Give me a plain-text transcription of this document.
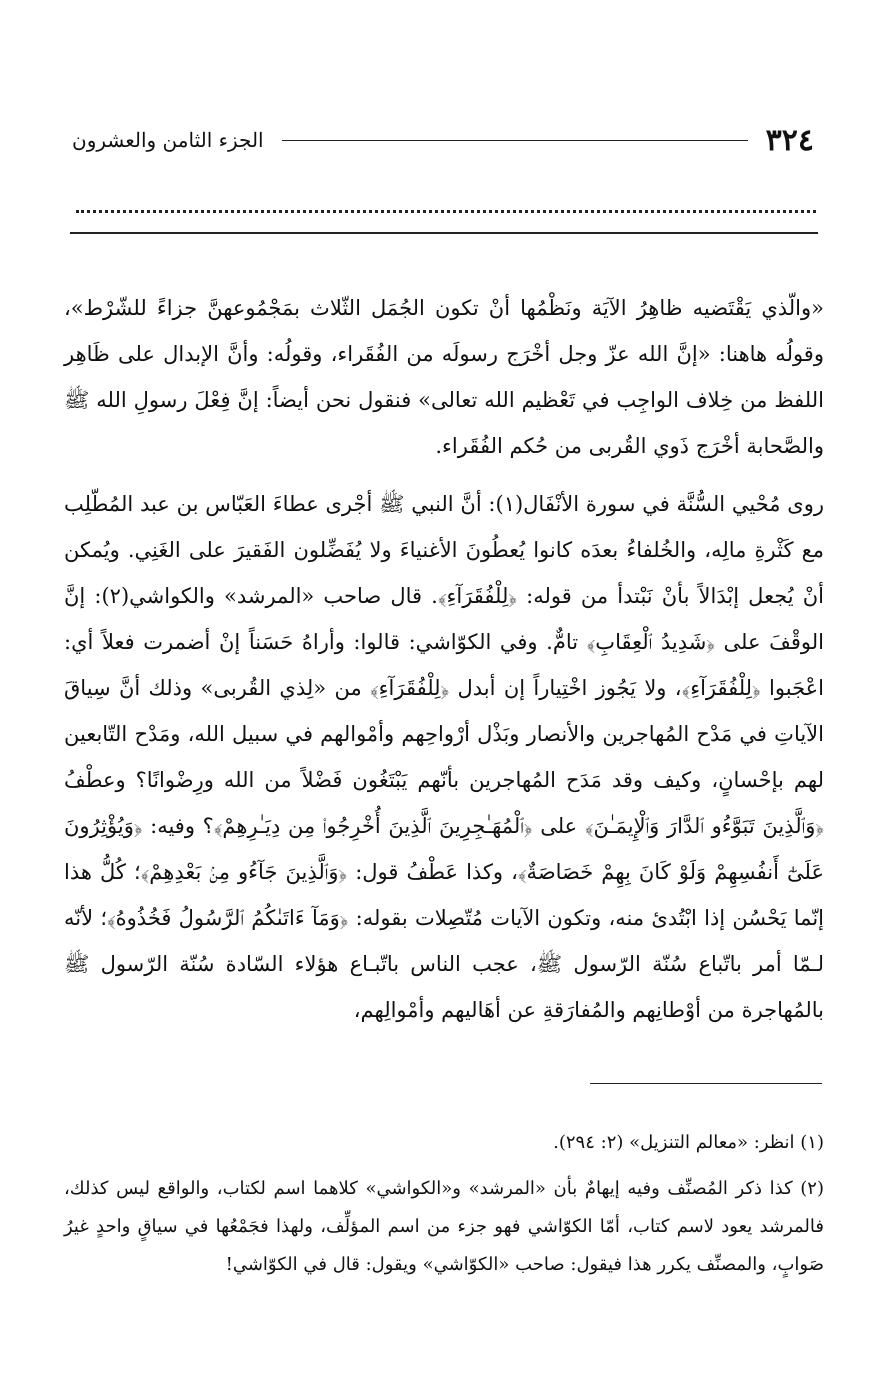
٣٢٤
الجزء الثامن والعشرون

«والّذي يَقْتَضيه ظاهِرُ الآيَة ونَظْمُها أنْ تكون الجُمَل الثّلاث بمَجْمُوعهنَّ جزاءً للشّرْط»، وقولُه هاهنا: «إنَّ الله عزّ وجل أخْرَج رسولَه من الفُقَراء، وقولُه: وأنَّ الإبدال على ظَاهِر اللفظ من خِلاف الواجِب في تَعْظيم الله تعالى» فنقول نحن أيضاً: إنَّ فِعْلَ رسولِ الله ﷺ والصَّحابة أخْرَج ذَوي القُربى من حُكم الفُقَراء.

روى مُحْيي السُّنَّة في سورة الأنْفَال(١): أنَّ النبي ﷺ أجْرى عطاءَ العَبّاس بن عبد المُطّلِب مع كَثْرةِ مالِه، والخُلفاءُ بعدَه كانوا يُعطُونَ الأغنياءَ ولا يُفَضِّلون الفَقيرَ على الغَنِي. ويُمكن أنْ يُجعل إبْدَالاً بأنْ نَبْتدأ من قوله: ﴿لِلْفُقَرَآءِ﴾. قال صاحب «المرشد» والكواشي(٢): إنَّ الوقْفَ على ﴿شَدِيدُ ٱلْعِقَابِ﴾ تامٌّ. وفي الكوّاشي: قالوا: وأراهُ حَسَناً إنْ أضمرت فعلاً أي: اعْجَبوا ﴿لِلْفُقَرَآءِ﴾، ولا يَجُوز اخْتِياراً إن أبدل ﴿لِلْفُقَرَآءِ﴾ من «لِذي القُربى» وذلك أنَّ سِياقَ الآياتِ في مَدْح المُهاجرين والأنصار وبَذْل أرْواحِهم وأمْوالهم في سبيل الله، ومَدْح التّابعين لهم بإحْسانٍ، وكيف وقد مَدَح المُهاجرين بأنّهم يَبْتَغُون فَضْلاً من الله ورِضْوانًا؟ وعطْفُ ﴿وَٱلَّذِينَ تَبَوَّءُو ٱلدَّارَ وَٱلْإِيمَـٰنَ﴾ على ﴿ٱلْمُهَـٰجِرِينَ ٱلَّذِينَ أُخْرِجُوا۟ مِن دِيَـٰرِهِمْ﴾؟ وفيه: ﴿وَيُؤْثِرُونَ عَلَىٰٓ أَنفُسِهِمْ وَلَوْ كَانَ بِهِمْ خَصَاصَةٌ﴾، وكذا عَطْفُ قول: ﴿وَٱلَّذِينَ جَآءُو مِنۢ بَعْدِهِمْ﴾؛ كُلُّ هذا إنّما يَحْسُن إذا ابْتُدئ منه، وتكون الآيات مُتّصِلات بقوله: ﴿وَمَآ ءَاتَىٰكُمُ ٱلرَّسُولُ فَخُذُوهُ﴾؛ لأنّه لـمّا أمر باتّباع سُنّة الرّسول ﷺ، عجب الناس باتّبـاع هؤلاء السّادة سُنّة الرّسول ﷺ بالمُهاجرة من أوْطانِهم والمُفارَقةِ عن أهَاليهم وأمْوالِهم،

(١) انظر: «معالم التنزيل» (٢: ٢٩٤).

(٢) كذا ذكر المُصنِّف وفيه إيهامٌ بأن «المرشد» و«الكواشي» كلاهما اسم لكتاب، والواقع ليس كذلك، فالمرشد يعود لاسم كتاب، أمّا الكوّاشي فهو جزء من اسم المؤلِّف، ولهذا فجَمْعُها في سياقٍ واحدٍ غيرُ صَوابٍ، والمصنِّف يكرر هذا فيقول: صاحب «الكوّاشي» ويقول: قال في الكوّاشي!
